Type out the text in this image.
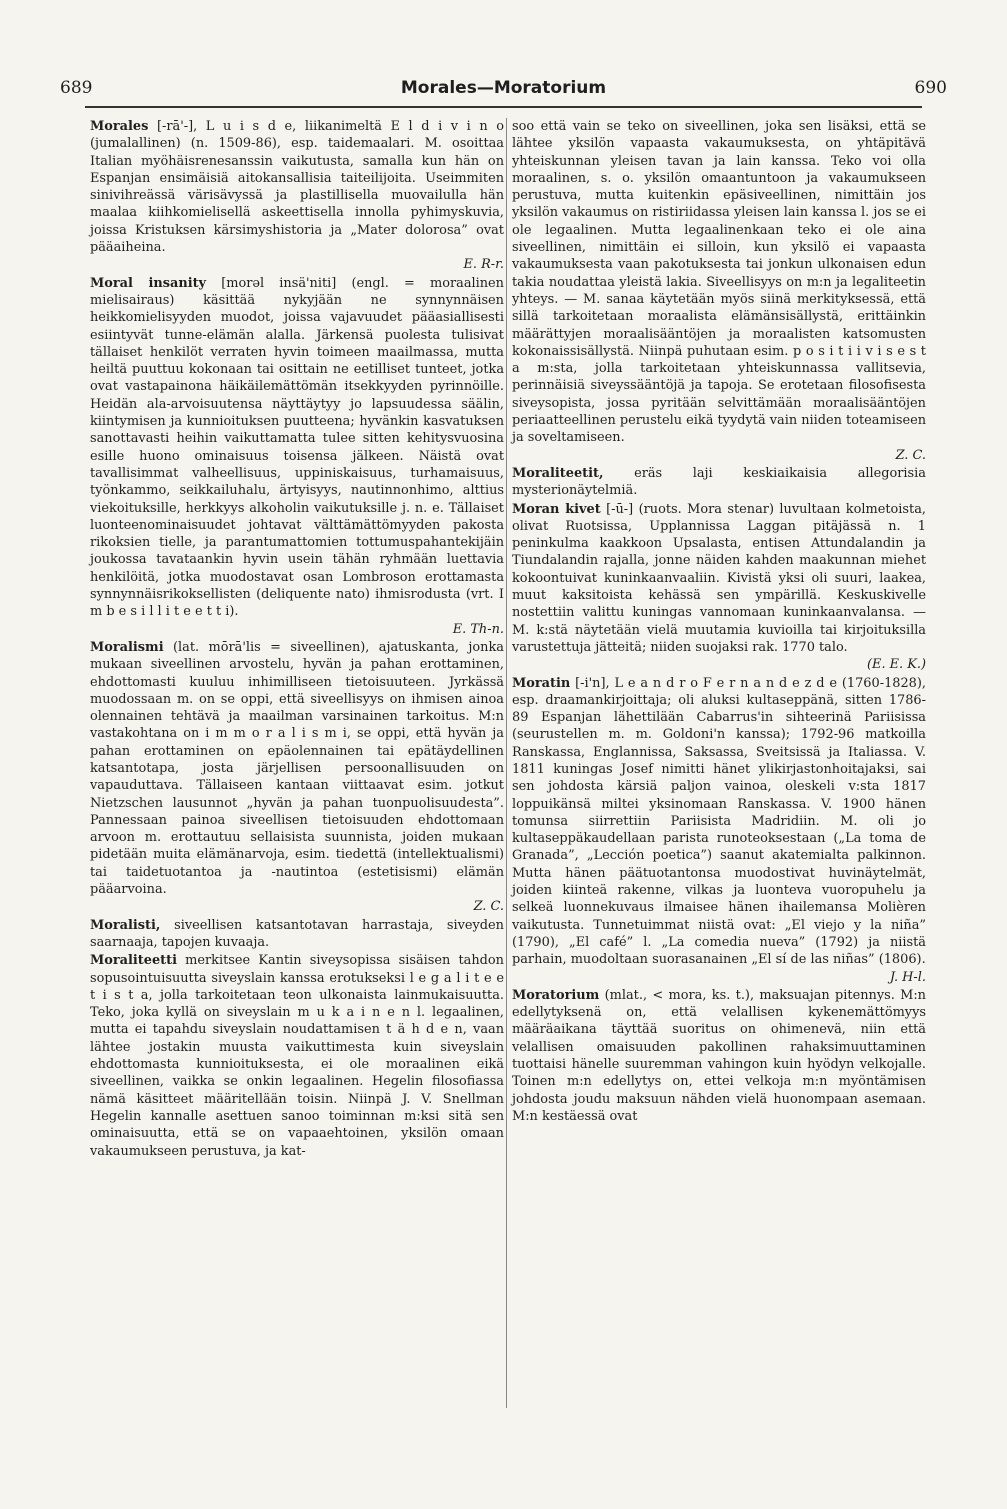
689	Morales—Moratorium	690

Morales [-rā'-], L u i s d e, liikanimeltä E l d i v i n o (jumalallinen) (n. 1509-86), esp. taidemaalari. M. osoittaa Italian myöhäisrenesanssin vaikutusta, samalla kun hän on Espanjan ensimäisiä aitokansallisia taiteilijoita. Useimmiten sinivihreässä värisävyssä ja plastillisella muovailulla hän maalaa kiihkomielisellä askeettisella innolla pyhimyskuvia, joissa Kristuksen kärsimyshistoria ja „Mater dolorosa” ovat pääaiheina.
E. R-r.

Moral insanity [morəl insä'niti] (engl. = moraalinen mielisairaus) käsittää nykyjään ne synnynnäisen heikkomielisyyden muodot, joissa vajavuudet pääasiallisesti esiintyvät tunne-elämän alalla. Järkensä puolesta tulisivat tällaiset henkilöt verraten hyvin toimeen maailmassa, mutta heiltä puuttuu kokonaan tai osittain ne eetilliset tunteet, jotka ovat vastapainona häikäilemättömän itsekkyyden pyrinnöille. Heidän ala-arvoisuutensa näyttäytyy jo lapsuudessa säälin, kiintymisen ja kunnioituksen puutteena; hyvänkin kasvatuksen sanottavasti heihin vaikuttamatta tulee sitten kehitysvuosina esille huono ominaisuus toisensa jälkeen. Näistä ovat tavallisimmat valheellisuus, uppiniskaisuus, turhamaisuus, työnkammo, seikkailuhalu, ärtyisyys, nautinnonhimo, alttius viekoituksille, herkkyys alkoholin vaikutuksille j. n. e. Tällaiset luonteenominaisuudet johtavat välttämättömyyden pakosta rikoksien tielle, ja parantumattomien tottumuspahantekijäin joukossa tavataankin hyvin usein tähän ryhmään luettavia henkilöitä, jotka muodostavat osan Lombroson erottamasta synnynnäisrikoksellisten (deliquente nato) ihmisrodusta (vrt. I m b e s i l l i t e e t t i).
E. Th-n.

Moralismi (lat. mōrā'lis = siveellinen), ajatuskanta, jonka mukaan siveellinen arvostelu, hyvän ja pahan erottaminen, ehdottomasti kuuluu inhimilliseen tietoisuuteen. Jyrkässä muodossaan m. on se oppi, että siveellisyys on ihmisen ainoa olennainen tehtävä ja maailman varsinainen tarkoitus. M:n vastakohtana on i m m o r a l i s m i, se oppi, että hyvän ja pahan erottaminen on epäolennainen tai epätäydellinen katsantotapa, josta järjellisen persoonallisuuden on vapauduttava. Tällaiseen kantaan viittaavat esim. jotkut Nietzschen lausunnot „hyvän ja pahan tuonpuolisuudesta”. Pannessaan painoa siveellisen tietoisuuden ehdottomaan arvoon m. erottautuu sellaisista suunnista, joiden mukaan pidetään muita elämänarvoja, esim. tiedettä (intellektualismi) tai taidetuotantoa ja -nautintoa (estetisismi) elämän pääarvoina.
Z. C.

Moralisti, siveellisen katsantotavan harrastaja, siveyden saarnaaja, tapojen kuvaaja.

Moraliteetti merkitsee Kantin siveysopissa sisäisen tahdon sopusointuisuutta siveyslain kanssa erotukseksi l e g a l i t e e t i s t a, jolla tarkoitetaan teon ulkonaista lainmukaisuutta. Teko, joka kyllä on siveyslain m u k a i n e n l. legaalinen, mutta ei tapahdu siveyslain noudattamisen t ä h d e n, vaan lähtee jostakin muusta vaikuttimesta kuin siveyslain ehdottomasta kunnioituksesta, ei ole moraalinen eikä siveellinen, vaikka se onkin legaalinen. Hegelin filosofiassa nämä käsitteet määritellään toisin. Niinpä J. V. Snellman Hegelin kannalle asettuen sanoo toiminnan m:ksi sitä sen ominaisuutta, että se on vapaaehtoinen, yksilön omaan vakaumukseen perustuva, ja kat-

soo että vain se teko on siveellinen, joka sen lisäksi, että se lähtee yksilön vapaasta vakaumuksesta, on yhtäpitävä yhteiskunnan yleisen tavan ja lain kanssa. Teko voi olla moraalinen, s. o. yksilön omaantuntoon ja vakaumukseen perustuva, mutta kuitenkin epäsiveellinen, nimittäin jos yksilön vakaumus on ristiriidassa yleisen lain kanssa l. jos se ei ole legaalinen. Mutta legaalinenkaan teko ei ole aina siveellinen, nimittäin ei silloin, kun yksilö ei vapaasta vakaumuksesta vaan pakotuksesta tai jonkun ulkonaisen edun takia noudattaa yleistä lakia. Siveellisyys on m:n ja legaliteetin yhteys. — M. sanaa käytetään myös siinä merkityksessä, että sillä tarkoitetaan moraalista elämänsisällystä, erittäinkin määrättyjen moraalisääntöjen ja moraalisten katsomusten kokonaissisällystä. Niinpä puhutaan esim. p o s i t i i v i s e s t a m:sta, jolla tarkoitetaan yhteiskunnassa vallitsevia, perinnäisiä siveyssääntöjä ja tapoja. Se erotetaan filosofisesta siveysopista, jossa pyritään selvittämään moraalisääntöjen periaatteellinen perustelu eikä tyydytä vain niiden toteamiseen ja soveltamiseen.
Z. C.

Moraliteetit, eräs laji keskiaikaisia allegorisia mysterionäytelmiä.

Moran kivet [-ū-] (ruots. Mora stenar) luvultaan kolmetoista, olivat Ruotsissa, Upplannissa Laggan pitäjässä n. 1 peninkulma kaakkoon Upsalasta, entisen Attundalandin ja Tiundalandin rajalla, jonne näiden kahden maakunnan miehet kokoontuivat kuninkaanvaaliin. Kivistä yksi oli suuri, laakea, muut kaksitoista kehässä sen ympärillä. Keskuskivelle nostettiin valittu kuningas vannomaan kuninkaanvalansa. — M. k:stä näytetään vielä muutamia kuvioilla tai kirjoituksilla varustettuja jätteitä; niiden suojaksi rak. 1770 talo.
(E. E. K.)

Moratin [-i'n], L e a n d r o F e r n a n d e z d e (1760-1828), esp. draamankirjoittaja; oli aluksi kultaseppänä, sitten 1786-89 Espanjan lähettilään Cabarrus'in sihteerinä Pariisissa (seurustellen m. m. Goldoni'n kanssa); 1792-96 matkoilla Ranskassa, Englannissa, Saksassa, Sveitsissä ja Italiassa. V. 1811 kuningas Josef nimitti hänet ylikirjastonhoitajaksi, sai sen johdosta kärsiä paljon vainoa, oleskeli v:sta 1817 loppuikänsä miltei yksinomaan Ranskassa. V. 1900 hänen tomunsa siirrettiin Pariisista Madridiin. M. oli jo kultaseppäkaudellaan parista runoteoksestaan („La toma de Granada”, „Lección poetica”) saanut akatemialta palkinnon. Mutta hänen päätuotantonsa muodostivat huvinäytelmät, joiden kiinteä rakenne, vilkas ja luonteva vuoropuhelu ja selkeä luonnekuvaus ilmaisee hänen ihailemansa Molièren vaikutusta. Tunnetuimmat niistä ovat: „El viejo y la niña” (1790), „El café” l. „La comedia nueva” (1792) ja niistä parhain, muodoltaan suorasanainen „El sí de las niñas” (1806).
J. H-l.

Moratorium (mlat., < mora, ks. t.), maksuajan pitennys. M:n edellytyksenä on, että velallisen kykenemättömyys määräaikana täyttää suoritus on ohimenevä, niin että velallisen omaisuuden pakollinen rahaksimuuttaminen tuottaisi hänelle suuremman vahingon kuin hyödyn velkojalle. Toinen m:n edellytys on, ettei velkoja m:n myöntämisen johdosta joudu maksuun nähden vielä huonompaan asemaan. M:n kestäessä ovat
